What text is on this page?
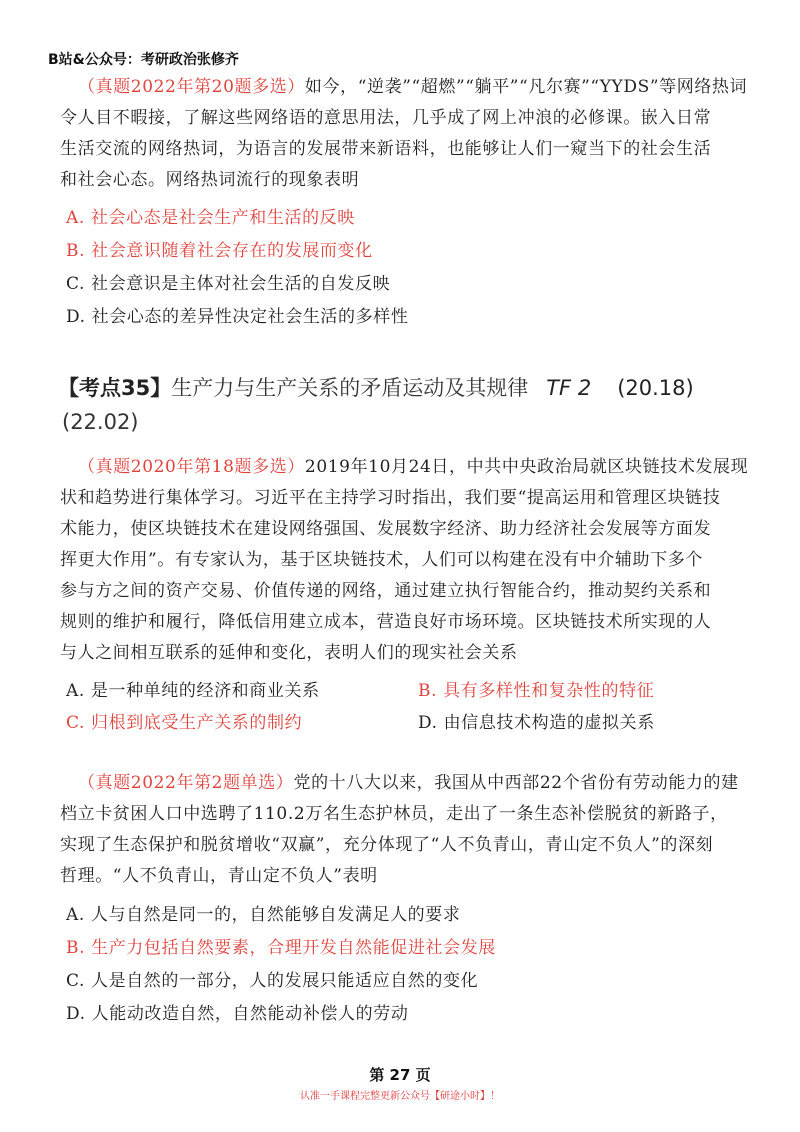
B站&公众号：考研政治张修齐
（真题2022年第20题多选）如今，“逆袭”“超燃”“躺平”“凡尔赛”“YYDS”等网络热词
令人目不暇接，了解这些网络语的意思用法，几乎成了网上冲浪的必修课。嵌入日常
生活交流的网络热词，为语言的发展带来新语料，也能够让人们一窥当下的社会生活
和社会心态。网络热词流行的现象表明
A. 社会心态是社会生产和生活的反映
B. 社会意识随着社会存在的发展而变化
C. 社会意识是主体对社会生活的自发反映
D. 社会心态的差异性决定社会生活的多样性
【考点35】生产力与生产关系的矛盾运动及其规律 TF 2 (20.18)
(22.02)
（真题2020年第18题多选）2019年10月24日，中共中央政治局就区块链技术发展现
状和趋势进行集体学习。习近平在主持学习时指出，我们要“提高运用和管理区块链技
术能力，使区块链技术在建设网络强国、发展数字经济、助力经济社会发展等方面发
挥更大作用”。有专家认为，基于区块链技术，人们可以构建在没有中介辅助下多个
参与方之间的资产交易、价值传递的网络，通过建立执行智能合约，推动契约关系和
规则的维护和履行，降低信用建立成本，营造良好市场环境。区块链技术所实现的人
与人之间相互联系的延伸和变化，表明人们的现实社会关系
A. 是一种单纯的经济和商业关系	B. 具有多样性和复杂性的特征
C. 归根到底受生产关系的制约	D. 由信息技术构造的虚拟关系
（真题2022年第2题单选）党的十八大以来，我国从中西部22个省份有劳动能力的建
档立卡贫困人口中选聘了110.2万名生态护林员，走出了一条生态补偿脱贫的新路子，
实现了生态保护和脱贫增收“双赢”，充分体现了“人不负青山，青山定不负人”的深刻
哲理。“人不负青山，青山定不负人”表明
A. 人与自然是同一的，自然能够自发满足人的要求
B. 生产力包括自然要素，合理开发自然能促进社会发展
C. 人是自然的一部分，人的发展只能适应自然的变化
D. 人能动改造自然，自然能动补偿人的劳动
第 27 页
认准一手课程完整更新公众号【研途小时】！
